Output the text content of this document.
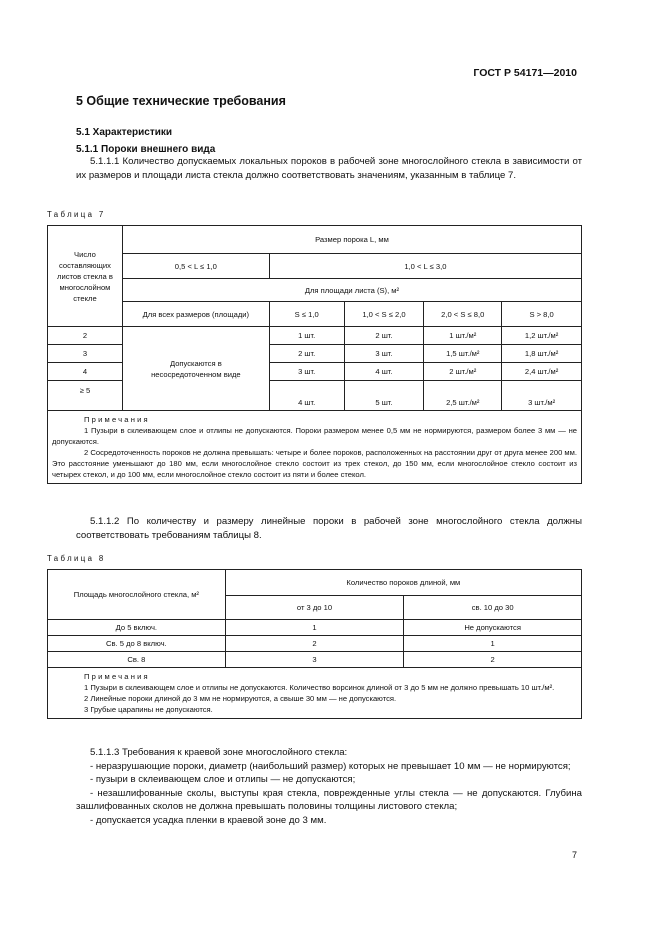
ГОСТ Р 54171—2010
5 Общие технические требования
5.1 Характеристики
5.1.1 Пороки внешнего вида
5.1.1.1 Количество допускаемых локальных пороков в рабочей зоне многослойного стекла в зависимости от их размеров и площади листа стекла должно соответствовать значениям, указанным в таблице 7.
Таблица 7
Число составляющих листов стекла в многослойном стекле	Размер порока L, мм				
	0,5 < L ≤ 1,0	1,0 < L ≤ 3,0			
	Для площади листа (S), м²				
	Для всех размеров (площади)	S ≤ 1,0	1,0 < S ≤ 2,0	2,0 < S ≤ 8,0	S > 8,0
2	Допускаются в несосредоточенном виде	1 шт.	2 шт.	1 шт./м²	1,2 шт./м²
3		2 шт.	3 шт.	1,5 шт./м²	1,8 шт./м²
4		3 шт.	4 шт.	2 шт./м²	2,4 шт./м²
≥ 5		4 шт.	5 шт.	2,5 шт./м²	3 шт./м²

Примечания
1 Пузыри в склеивающем слое и отлипы не допускаются. Пороки размером менее 0,5 мм не нормируются, размером более 3 мм — не допускаются.
2 Сосредоточенность пороков не должна превышать: четыре и более пороков, расположенных на расстоянии друг от друга менее 200 мм. Это расстояние уменьшают до 180 мм, если многослойное стекло состоит из трех стекол, до 150 мм, если многослойное стекло состоит из четырех стекол, и до 100 мм, если многослойное стекло состоит из пяти и более стекол.					
5.1.1.2 По количеству и размеру линейные пороки в рабочей зоне многослойного стекла должны соответствовать требованиям таблицы 8.
Таблица 8
Площадь многослойного стекла, м²	Количество пороков длиной, мм	
	от 3 до 10	св. 10 до 30
До 5 включ.	1	Не допускаются
Св. 5 до 8 включ.	2	1
Св. 8	3	2

Примечания
1 Пузыри в склеивающем слое и отлипы не допускаются. Количество ворсинок длиной от 3 до 5 мм не должно превышать 10 шт./м².
2 Линейные пороки длиной до 3 мм не нормируются, а свыше 30 мм — не допускаются.
3 Грубые царапины не допускаются.		
5.1.1.3 Требования к краевой зоне многослойного стекла:
- неразрушающие пороки, диаметр (наибольший размер) которых не превышает 10 мм — не нормируются;
- пузыри в склеивающем слое и отлипы — не допускаются;
- незашлифованные сколы, выступы края стекла, поврежденные углы стекла — не допускаются. Глубина зашлифованных сколов не должна превышать половины толщины листового стекла;
- допускается усадка пленки в краевой зоне до 3 мм.
7
